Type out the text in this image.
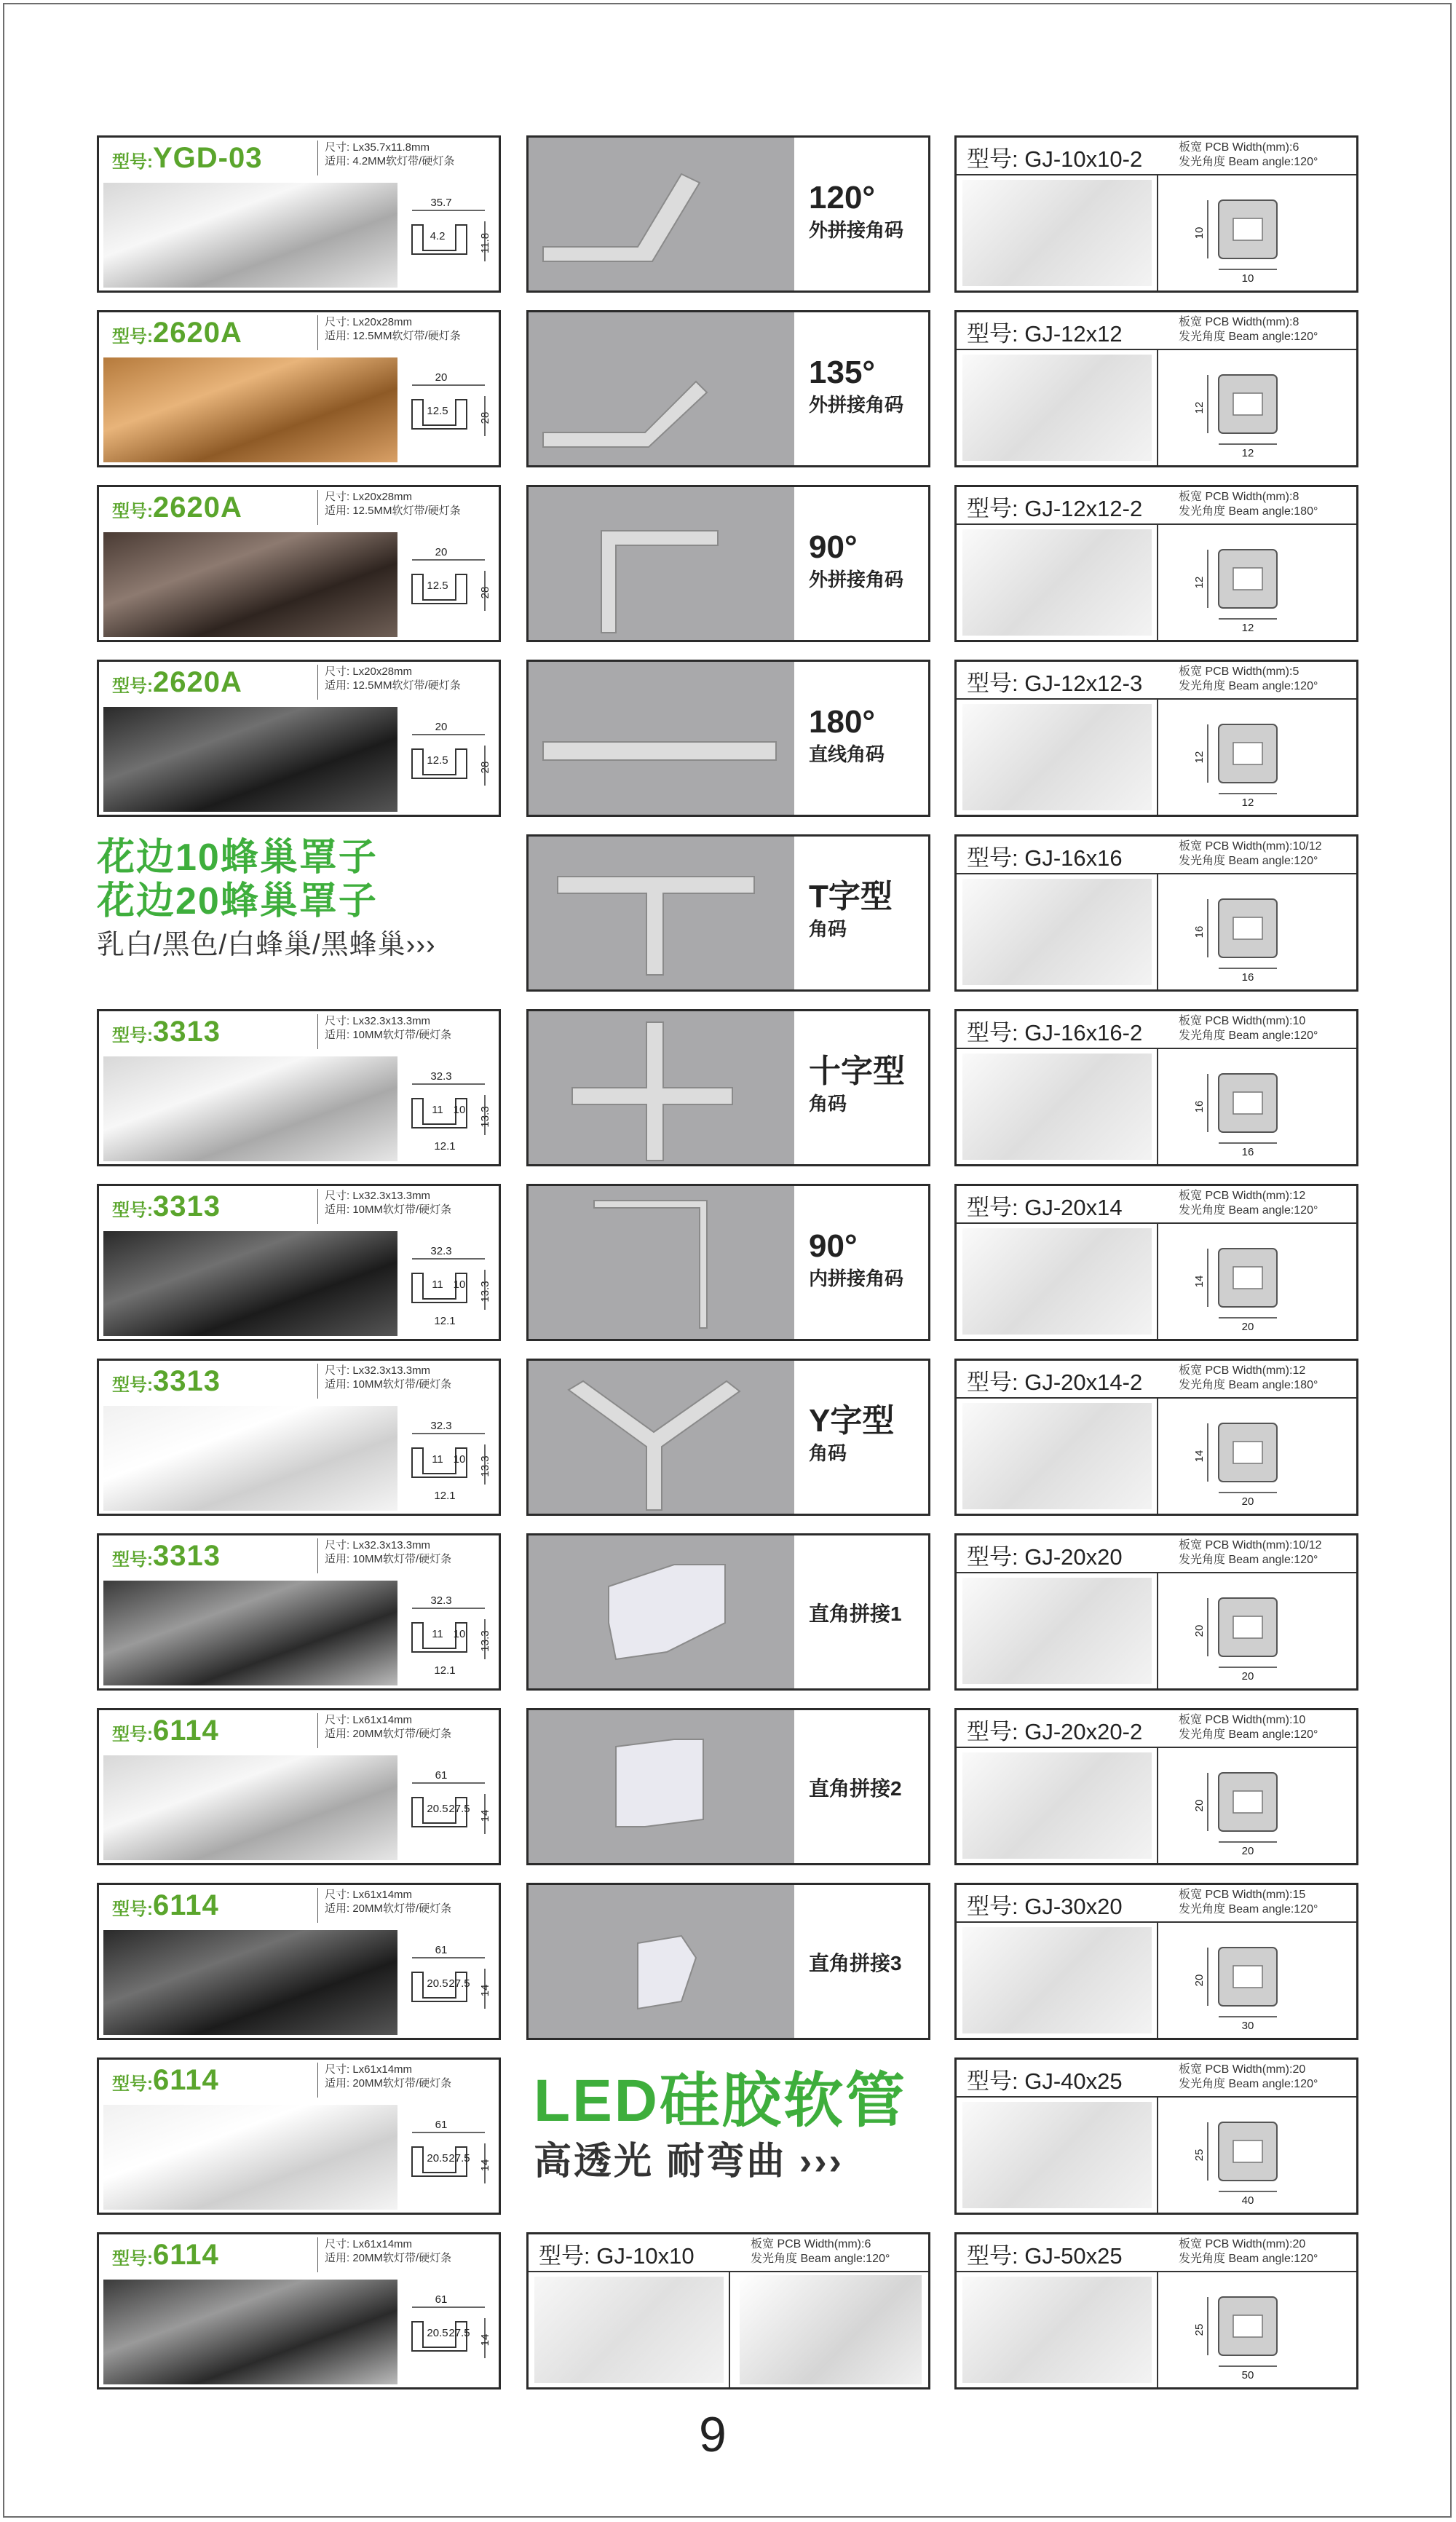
型号:YGD-03	尺寸: Lx35.7x11.8mm
适用: 4.2MM软灯带/硬灯条
35.7
11.8
4.2
型号:2620A	尺寸: Lx20x28mm
适用: 12.5MM软灯带/硬灯条
20
28
12.5
型号:2620A	尺寸: Lx20x28mm
适用: 12.5MM软灯带/硬灯条
20
28
12.5
型号:2620A	尺寸: Lx20x28mm
适用: 12.5MM软灯带/硬灯条
20
28
12.5
型号:3313	尺寸: Lx32.3x13.3mm
适用: 10MM软灯带/硬灯条
32.3
13.3
11 10
12.1
型号:3313	尺寸: Lx32.3x13.3mm
适用: 10MM软灯带/硬灯条
32.3
13.3
11 10
12.1
型号:3313	尺寸: Lx32.3x13.3mm
适用: 10MM软灯带/硬灯条
32.3
13.3
11 10
12.1
型号:3313	尺寸: Lx32.3x13.3mm
适用: 10MM软灯带/硬灯条
32.3
13.3
11 10
12.1
型号:6114	尺寸: Lx61x14mm
适用: 20MM软灯带/硬灯条
61
14
20.5 27.5
型号:6114	尺寸: Lx61x14mm
适用: 20MM软灯带/硬灯条
61
14
20.5 27.5
型号:6114	尺寸: Lx61x14mm
适用: 20MM软灯带/硬灯条
61
14
20.5 27.5
型号:6114	尺寸: Lx61x14mm
适用: 20MM软灯带/硬灯条
61
14
20.5 27.5
120°
外拼接角码
135°
外拼接角码
90°
外拼接角码
180°
直线角码
T字型
角码
十字型
角码
90°
内拼接角码
Y字型
角码
直角拼接1
直角拼接2
直角拼接3
型号: GJ-10x10	板宽 PCB Width(mm):6
发光角度 Beam angle:120°
型号: GJ-10x10-2	板宽 PCB Width(mm):6
发光角度 Beam angle:120°
10
10
型号: GJ-12x12	板宽 PCB Width(mm):8
发光角度 Beam angle:120°
12
12
型号: GJ-12x12-2	板宽 PCB Width(mm):8
发光角度 Beam angle:180°
12
12
型号: GJ-12x12-3	板宽 PCB Width(mm):5
发光角度 Beam angle:120°
12
12
型号: GJ-16x16	板宽 PCB Width(mm):10/12
发光角度 Beam angle:120°
16
16
型号: GJ-16x16-2	板宽 PCB Width(mm):10
发光角度 Beam angle:120°
16
16
型号: GJ-20x14	板宽 PCB Width(mm):12
发光角度 Beam angle:120°
14
20
型号: GJ-20x14-2	板宽 PCB Width(mm):12
发光角度 Beam angle:180°
14
20
型号: GJ-20x20	板宽 PCB Width(mm):10/12
发光角度 Beam angle:120°
20
20
型号: GJ-20x20-2	板宽 PCB Width(mm):10
发光角度 Beam angle:120°
20
20
型号: GJ-30x20	板宽 PCB Width(mm):15
发光角度 Beam angle:120°
20
30
型号: GJ-40x25	板宽 PCB Width(mm):20
发光角度 Beam angle:120°
25
40
型号: GJ-50x25	板宽 PCB Width(mm):20
发光角度 Beam angle:120°
25
50
花边10蜂巢罩子
花边20蜂巢罩子
乳白/黑色/白蜂巢/黑蜂巢›››
LED硅胶软管
高透光 耐弯曲 ›››
9
